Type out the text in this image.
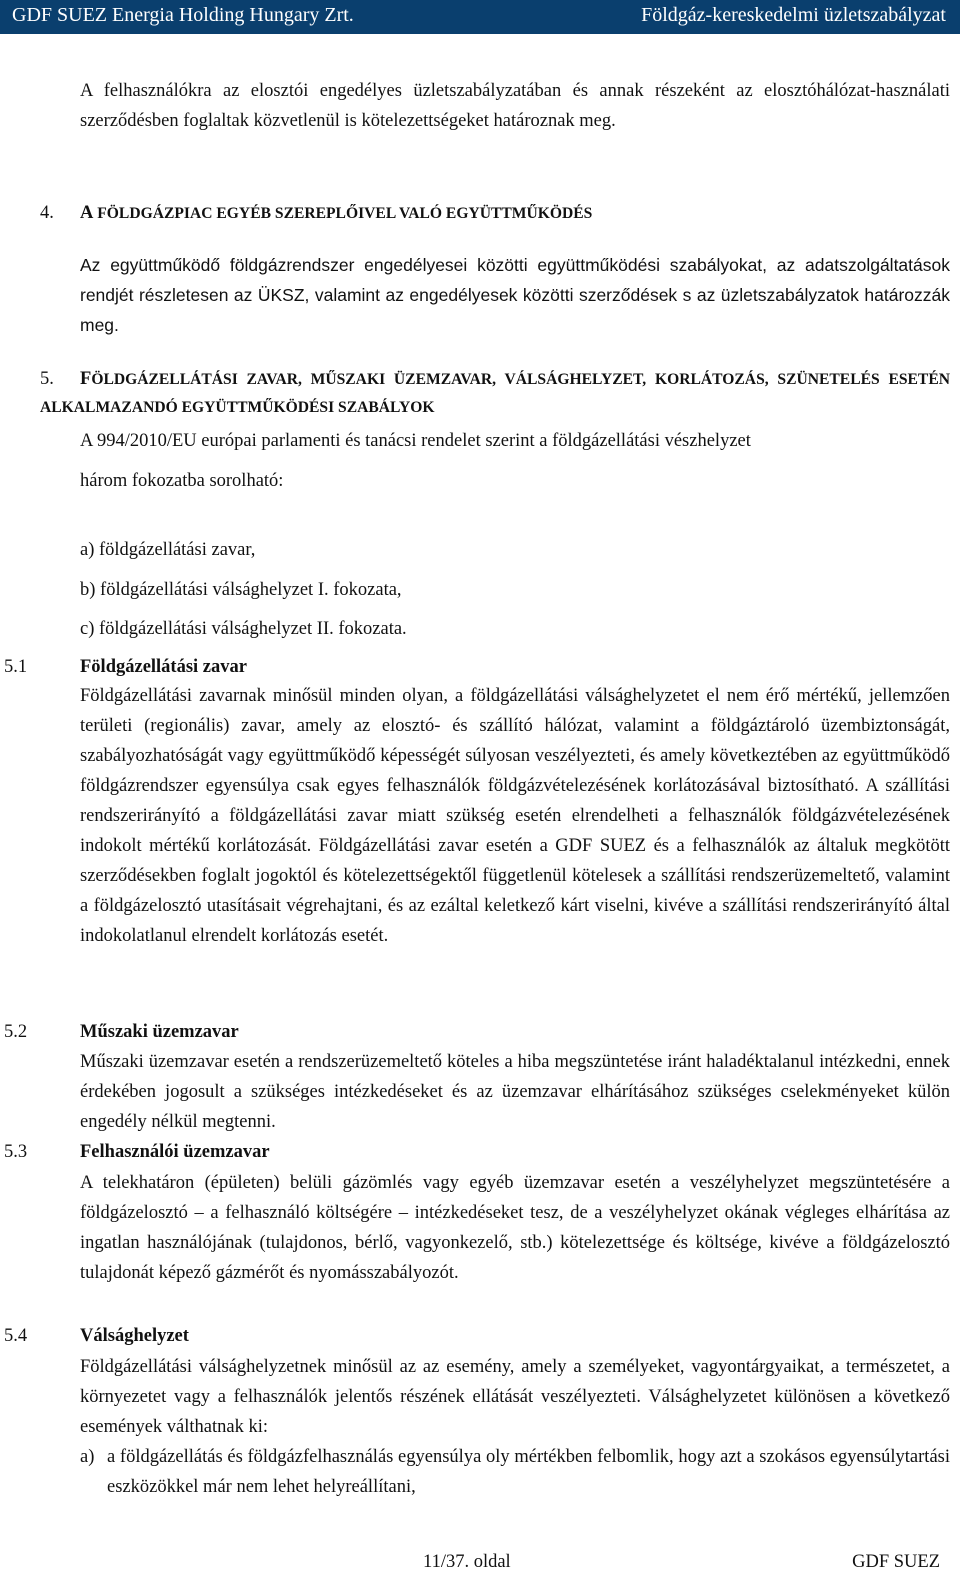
GDF SUEZ Energia Holding Hungary Zrt.	Földgáz-kereskedelmi üzletszabályzat
A felhasználókra az elosztói engedélyes üzletszabályzatában és annak részeként az elosztóhálózat-használati szerződésben foglaltak közvetlenül is kötelezettségeket határoznak meg.
4. A FÖLDGÁZPIAC EGYÉB SZEREPLŐIVEL VALÓ EGYÜTTMŰKÖDÉS
Az együttműködő földgázrendszer engedélyesei közötti együttműködési szabályokat, az adatszolgáltatások rendjét részletesen az ÜKSZ, valamint az engedélyesek közötti szerződések s az üzletszabályzatok határozzák meg.
5.	FÖLDGÁZELLÁTÁSI ZAVAR, MŰSZAKI ÜZEMZAVAR, VÁLSÁGHELYZET, KORLÁTOZÁS, SZÜNETELÉS ESETÉN ALKALMAZANDÓ EGYÜTTMŰKÖDÉSI SZABÁLYOK
A 994/2010/EU európai parlamenti és tanácsi rendelet szerint a földgázellátási vészhelyzet
három fokozatba sorolható:
a) földgázellátási zavar,
b) földgázellátási válsághelyzet I. fokozata,
c) földgázellátási válsághelyzet II. fokozata.
5.1	Földgázellátási zavar
Földgázellátási zavarnak minősül minden olyan, a földgázellátási válsághelyzetet el nem érő mértékű, jellemzően területi (regionális) zavar, amely az elosztó- és szállító hálózat, valamint a földgáztároló üzembiztonságát, szabályozhatóságát vagy együttműködő képességét súlyosan veszélyezteti, és amely következtében az együttműködő földgázrendszer egyensúlya csak egyes felhasználók földgázvételezésének korlátozásával biztosítható. A szállítási rendszerirányító a földgázellátási zavar miatt szükség esetén elrendelheti a felhasználók földgázvételezésének indokolt mértékű korlátozását. Földgázellátási zavar esetén a GDF SUEZ és a felhasználók az általuk megkötött szerződésekben foglalt jogoktól és kötelezettségektől függetlenül kötelesek a szállítási rendszerüzemeltető, valamint a földgázelosztó utasításait végrehajtani, és az ezáltal keletkező kárt viselni, kivéve a szállítási rendszerirányító által indokolatlanul elrendelt korlátozás esetét.
5.2	Műszaki üzemzavar
Műszaki üzemzavar esetén a rendszerüzemeltető köteles a hiba megszüntetése iránt haladéktalanul intézkedni, ennek érdekében jogosult a szükséges intézkedéseket és az üzemzavar elhárításához szükséges cselekményeket külön engedély nélkül megtenni.
5.3	Felhasználói üzemzavar
A telekhatáron (épületen) belüli gázömlés vagy egyéb üzemzavar esetén a veszélyhelyzet megszüntetésére a földgázelosztó – a felhasználó költségére – intézkedéseket tesz, de a veszélyhelyzet okának végleges elhárítása az ingatlan használójának (tulajdonos, bérlő, vagyonkezelő, stb.) kötelezettsége és költsége, kivéve a földgázelosztó tulajdonát képező gázmérőt és nyomásszabályozót.
5.4	Válsághelyzet
Földgázellátási válsághelyzetnek minősül az az esemény, amely a személyeket, vagyontárgyaikat, a természetet, a környezetet vagy a felhasználók jelentős részének ellátását veszélyezteti. Válsághelyzetet különösen a következő események válthatnak ki:
a) a földgázellátás és földgázfelhasználás egyensúlya oly mértékben felbomlik, hogy azt a szokásos egyensúlytartási eszközökkel már nem lehet helyreállítani,
11/37. oldal	GDF SUEZ
